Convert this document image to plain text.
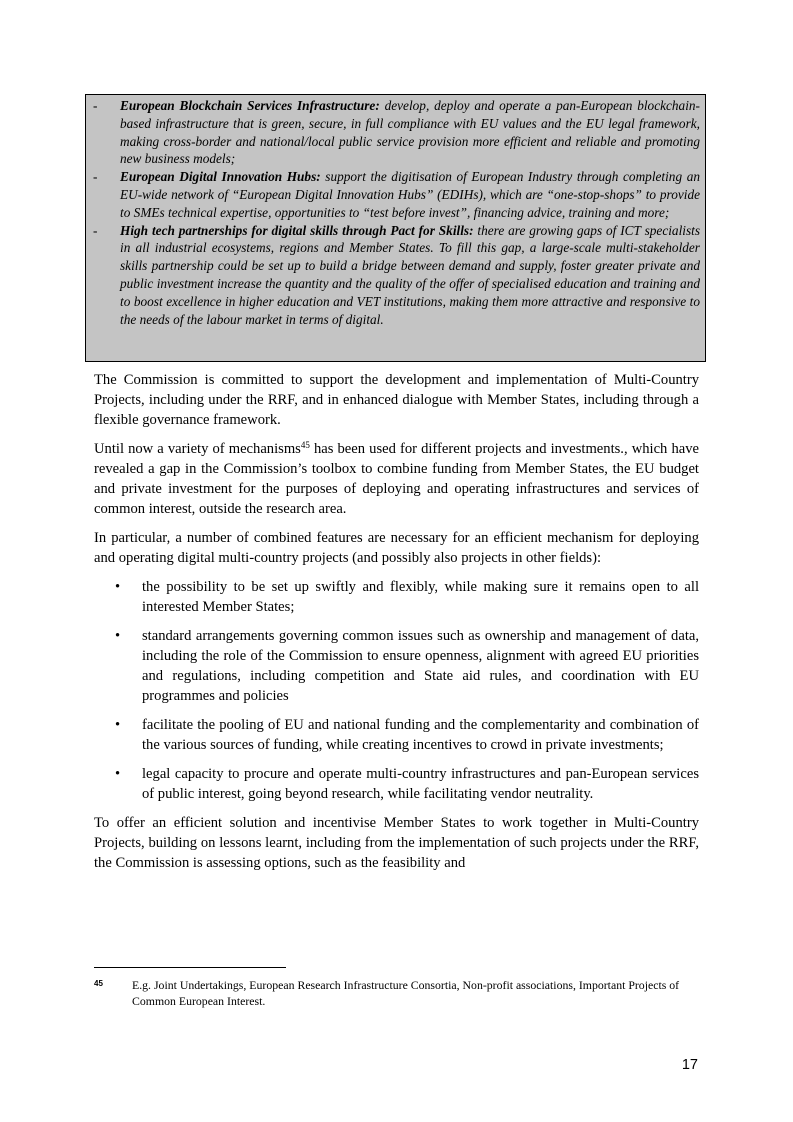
- European Blockchain Services Infrastructure: develop, deploy and operate a pan-European blockchain-based infrastructure that is green, secure, in full compliance with EU values and the EU legal framework, making cross-border and national/local public service provision more efficient and reliable and promoting new business models;
- European Digital Innovation Hubs: support the digitisation of European Industry through completing an EU-wide network of “European Digital Innovation Hubs” (EDIHs), which are “one-stop-shops” to provide to SMEs technical expertise, opportunities to “test before invest”, financing advice, training and more;
- High tech partnerships for digital skills through Pact for Skills: there are growing gaps of ICT specialists in all industrial ecosystems, regions and Member States. To fill this gap, a large-scale multi-stakeholder skills partnership could be set up to build a bridge between demand and supply, foster greater private and public investment increase the quantity and the quality of the offer of specialised education and training and to boost excellence in higher education and VET institutions, making them more attractive and responsive to the needs of the labour market in terms of digital.

The Commission is committed to support the development and implementation of Multi-Country Projects, including under the RRF, and in enhanced dialogue with Member States, including through a flexible governance framework.

Until now a variety of mechanisms$^{45}$ has been used for different projects and investments., which have revealed a gap in the Commission’s toolbox to combine funding from Member States, the EU budget and private investment for the purposes of deploying and operating infrastructures and services of common interest, outside the research area.

In particular, a number of combined features are necessary for an efficient mechanism for deploying and operating digital multi-country projects (and possibly also projects in other fields):

• the possibility to be set up swiftly and flexibly, while making sure it remains open to all interested Member States;
• standard arrangements governing common issues such as ownership and management of data, including the role of the Commission to ensure openness, alignment with agreed EU priorities and regulations, including competition and State aid rules, and coordination with EU programmes and policies
• facilitate the pooling of EU and national funding and the complementarity and combination of the various sources of funding, while creating incentives to crowd in private investments;
• legal capacity to procure and operate multi-country infrastructures and pan-European services of public interest, going beyond research, while facilitating vendor neutrality.

To offer an efficient solution and incentivise Member States to work together in Multi-Country Projects, building on lessons learnt, including from the implementation of such projects under the RRF, the Commission is assessing options, such as the feasibility and

45	E.g. Joint Undertakings, European Research Infrastructure Consortia, Non-profit associations, Important Projects of Common European Interest.
17
